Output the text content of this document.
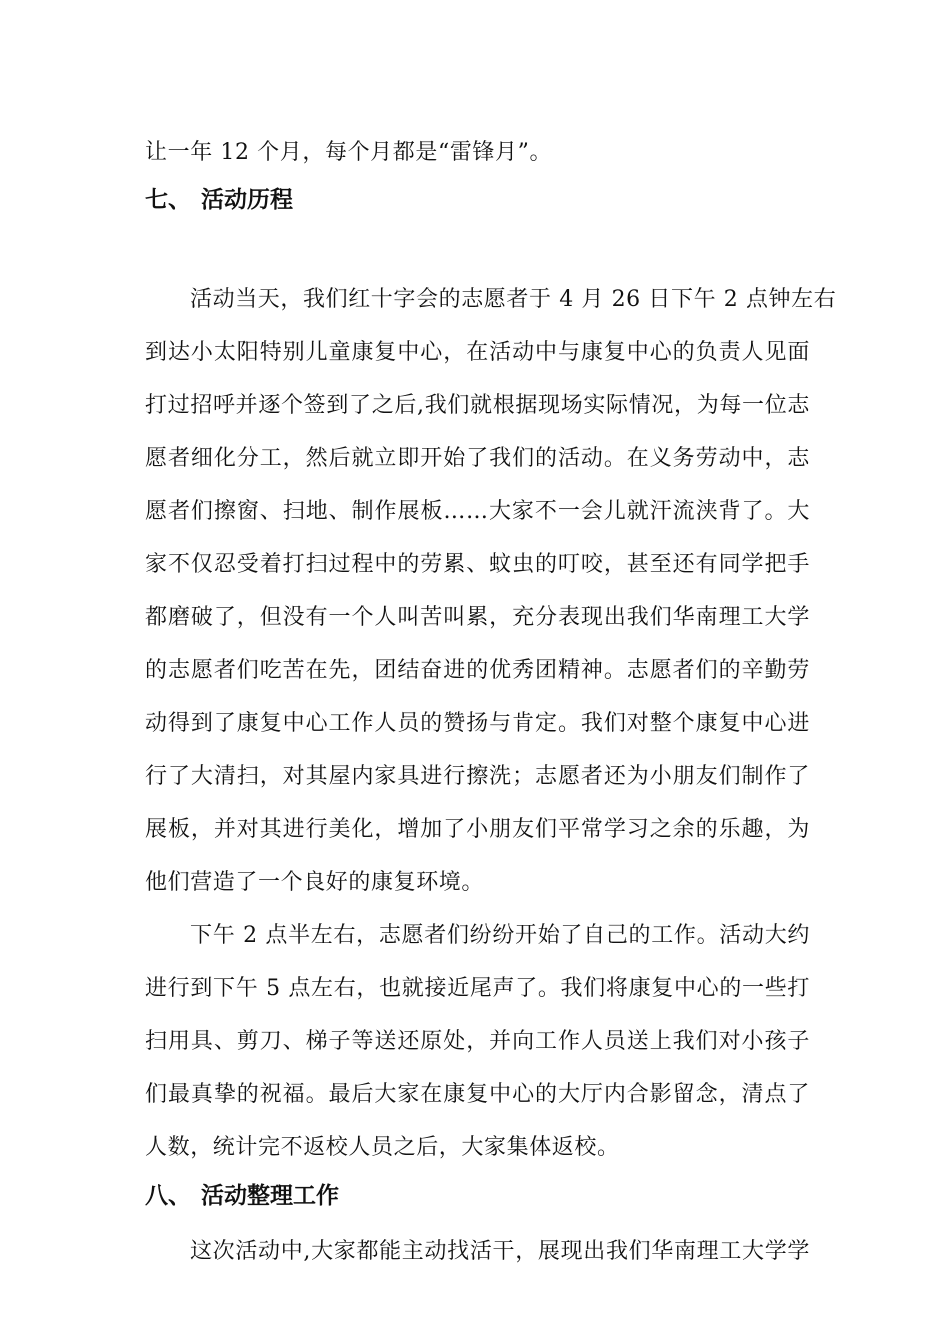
让一年 12 个月，每个月都是“雷锋月”。
七、 活动历程
活动当天，我们红十字会的志愿者于 4 月 26 日下午 2 点钟左右
到达小太阳特别儿童康复中心，在活动中与康复中心的负责人见面
打过招呼并逐个签到了之后,我们就根据现场实际情况，为每一位志
愿者细化分工，然后就立即开始了我们的活动。在义务劳动中，志
愿者们擦窗、扫地、制作展板……大家不一会儿就汗流浃背了。大
家不仅忍受着打扫过程中的劳累、蚊虫的叮咬，甚至还有同学把手
都磨破了，但没有一个人叫苦叫累，充分表现出我们华南理工大学
的志愿者们吃苦在先，团结奋进的优秀团精神。志愿者们的辛勤劳
动得到了康复中心工作人员的赞扬与肯定。我们对整个康复中心进
行了大清扫，对其屋内家具进行擦洗；志愿者还为小朋友们制作了
展板，并对其进行美化，增加了小朋友们平常学习之余的乐趣，为
他们营造了一个良好的康复环境。
下午 2 点半左右，志愿者们纷纷开始了自己的工作。活动大约
进行到下午 5 点左右，也就接近尾声了。我们将康复中心的一些打
扫用具、剪刀、梯子等送还原处，并向工作人员送上我们对小孩子
们最真挚的祝福。最后大家在康复中心的大厅内合影留念，清点了
人数，统计完不返校人员之后，大家集体返校。
八、 活动整理工作
这次活动中,大家都能主动找活干，展现出我们华南理工大学学
